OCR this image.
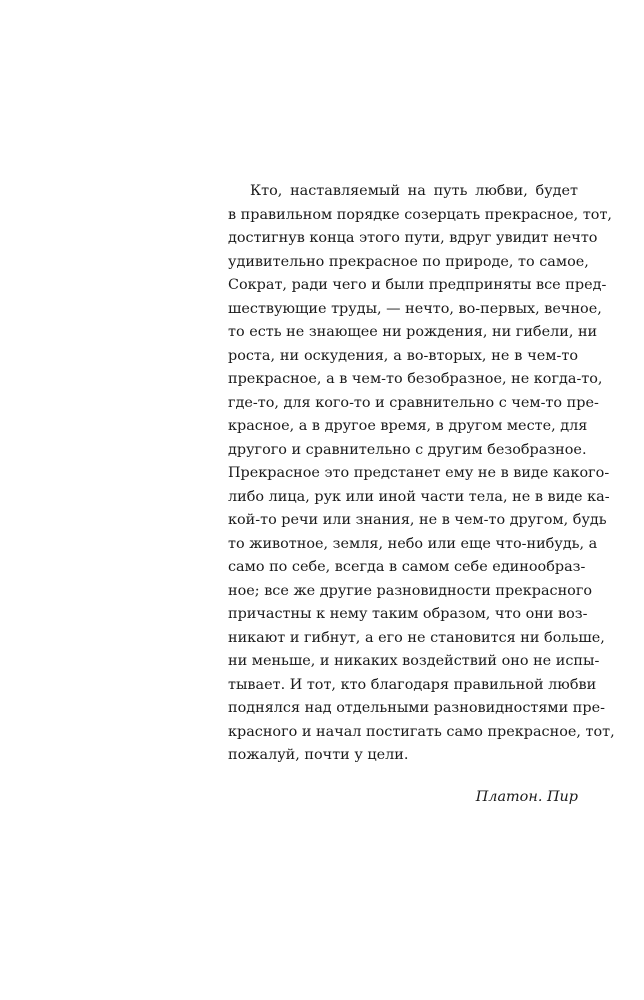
Кто, наставляемый на путь любви, будет
в правильном порядке созерцать прекрасное, тот,
достигнув конца этого пути, вдруг увидит нечто
удивительно прекрасное по природе, то самое,
Сократ, ради чего и были предприняты все пред-
шествующие труды, — нечто, во-первых, вечное,
то есть не знающее ни рождения, ни гибели, ни
роста, ни оскудения, а во-вторых, не в чем-то
прекрасное, а в чем-то безобразное, не когда-то,
где-то, для кого-то и сравнительно с чем-то пре-
красное, а в другое время, в другом месте, для
другого и сравнительно с другим безобразное.
Прекрасное это предстанет ему не в виде какого-
либо лица, рук или иной части тела, не в виде ка-
кой-то речи или знания, не в чем-то другом, будь
то животное, земля, небо или еще что-нибудь, а
само по себе, всегда в самом себе единообраз-
ное; все же другие разновидности прекрасного
причастны к нему таким образом, что они воз-
никают и гибнут, а его не становится ни больше,
ни меньше, и никаких воздействий оно не испы-
тывает. И тот, кто благодаря правильной любви
поднялся над отдельными разновидностями пре-
красного и начал постигать само прекрасное, тот,
пожалуй, почти у цели.

Платон. Пир
